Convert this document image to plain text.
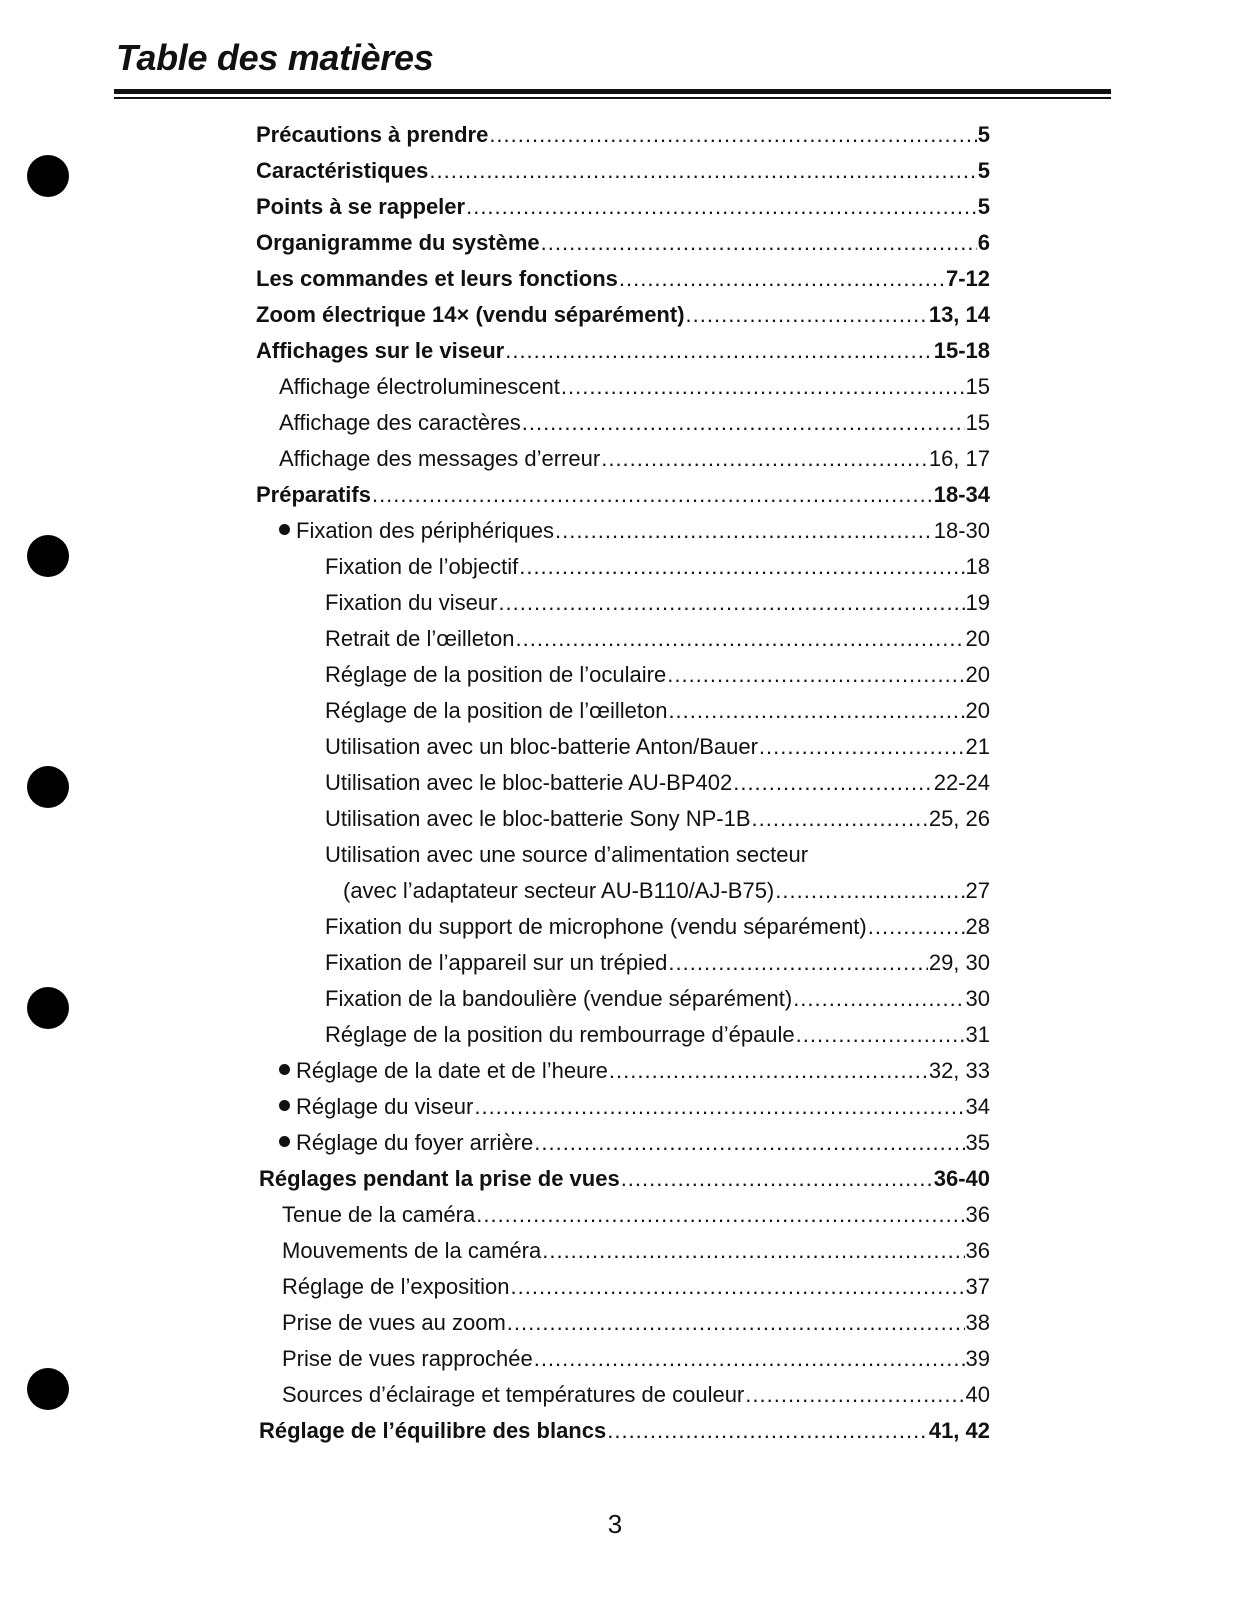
Table des matières
Précautions à prendre .....	5
Caractéristiques .....	5
Points à se rappeler .....	5
Organigramme du système .....	6
Les commandes et leurs fonctions .....	7-12
Zoom électrique 14× (vendu séparément) .....	13, 14
Affichages sur le viseur .....	15-18
Affichage électroluminescent .....	15
Affichage des caractères .....	15
Affichage des messages d’erreur .....	16, 17
Préparatifs .....	18-34
Fixation des périphériques .....	18-30
Fixation de l’objectif .....	18
Fixation du viseur .....	19
Retrait de l’œilleton .....	20
Réglage de la position de l’oculaire .....	20
Réglage de la position de l’œilleton .....	20
Utilisation avec un bloc-batterie Anton/Bauer .....	21
Utilisation avec le bloc-batterie AU-BP402 .....	22-24
Utilisation avec le bloc-batterie Sony NP-1B .....	25, 26
Utilisation avec une source d’alimentation secteur
(avec l’adaptateur secteur AU-B110/AJ-B75) .....	27
Fixation du support de microphone (vendu séparément) .....	28
Fixation de l’appareil sur un trépied .....	29, 30
Fixation de la bandoulière (vendue séparément) .....	30
Réglage de la position du rembourrage d’épaule .....	31
Réglage de la date et de l’heure .....	32, 33
Réglage du viseur .....	34
Réglage du foyer arrière .....	35
Réglages pendant la prise de vues .....	36-40
Tenue de la caméra .....	36
Mouvements de la caméra .....	36
Réglage de l’exposition .....	37
Prise de vues au zoom .....	38
Prise de vues rapprochée .....	39
Sources d’éclairage et températures de couleur .....	40
Réglage de l’équilibre des blancs .....	41, 42
3
